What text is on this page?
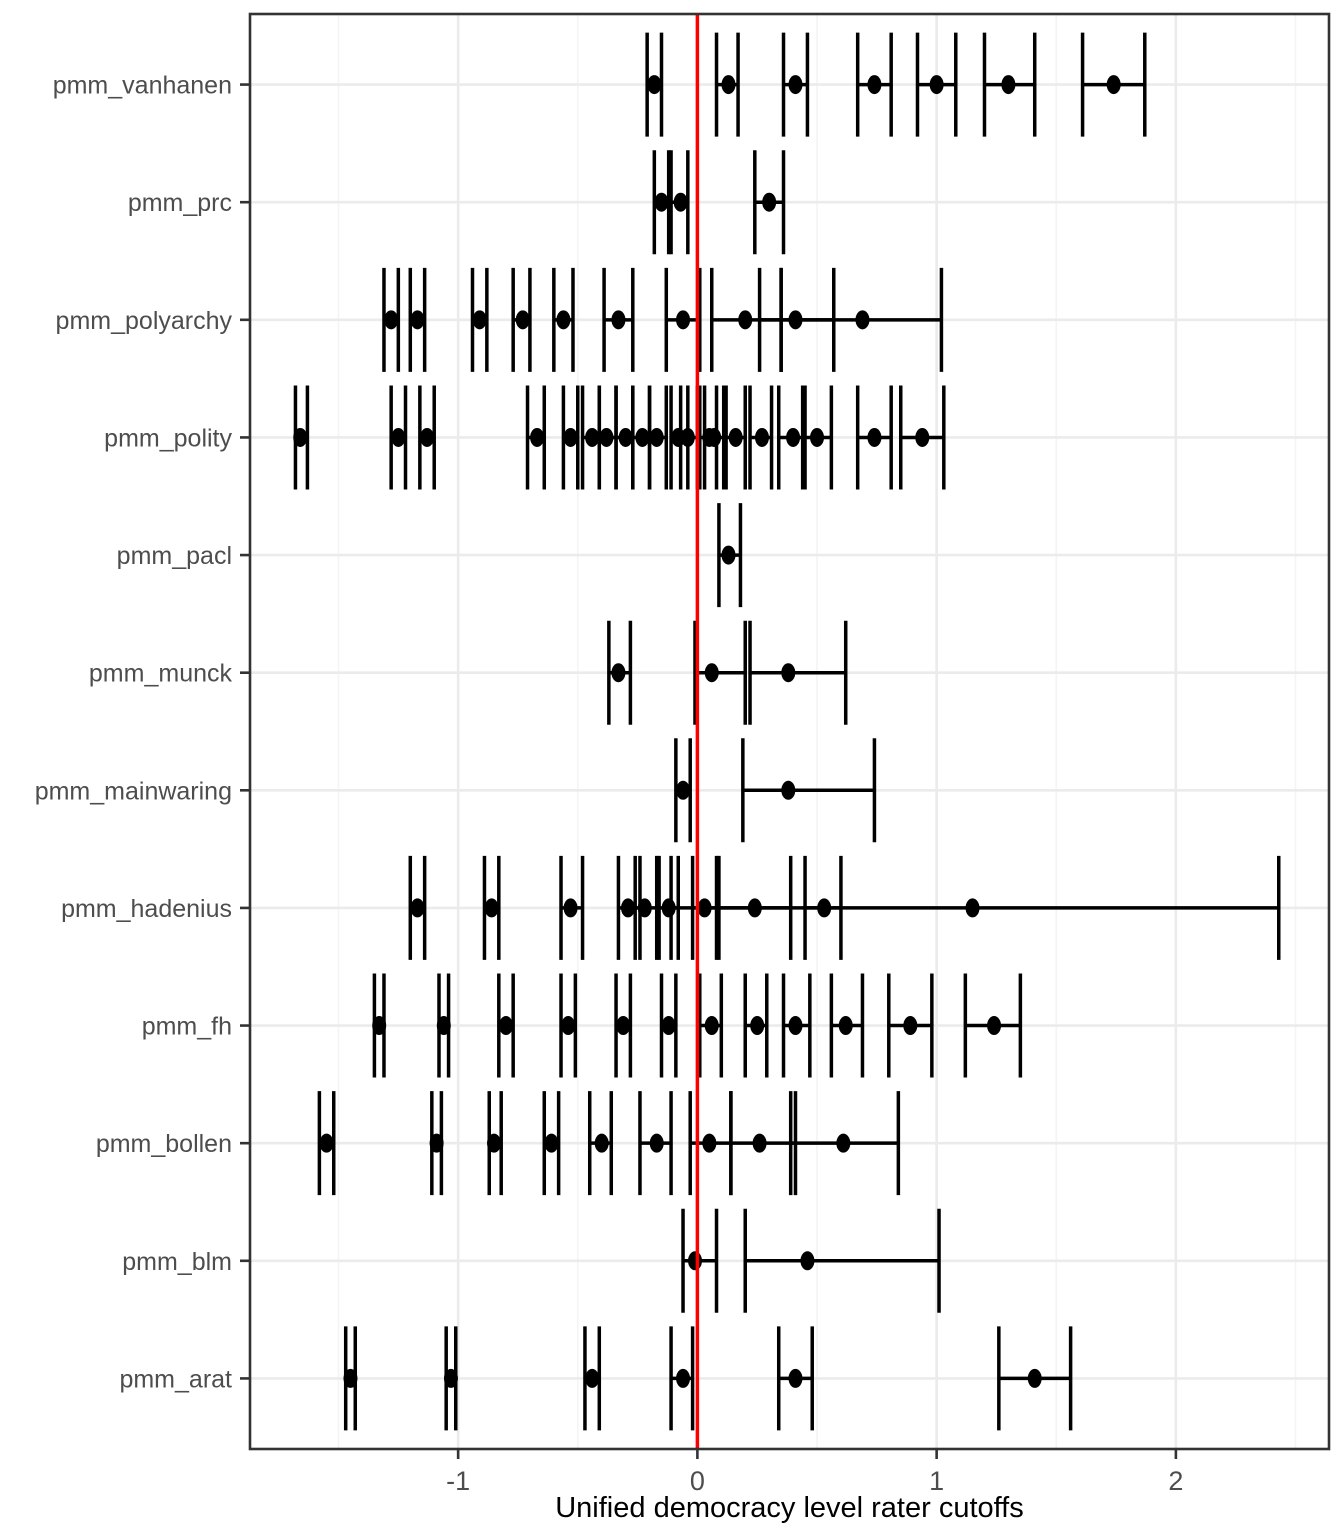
-1	0	1	2
pmm_vanhanen
pmm_prc
pmm_polyarchy
pmm_polity
pmm_pacl
pmm_munck
pmm_mainwaring
pmm_hadenius
pmm_fh
pmm_bollen
pmm_blm
pmm_arat
Unified democracy level rater cutoffs
